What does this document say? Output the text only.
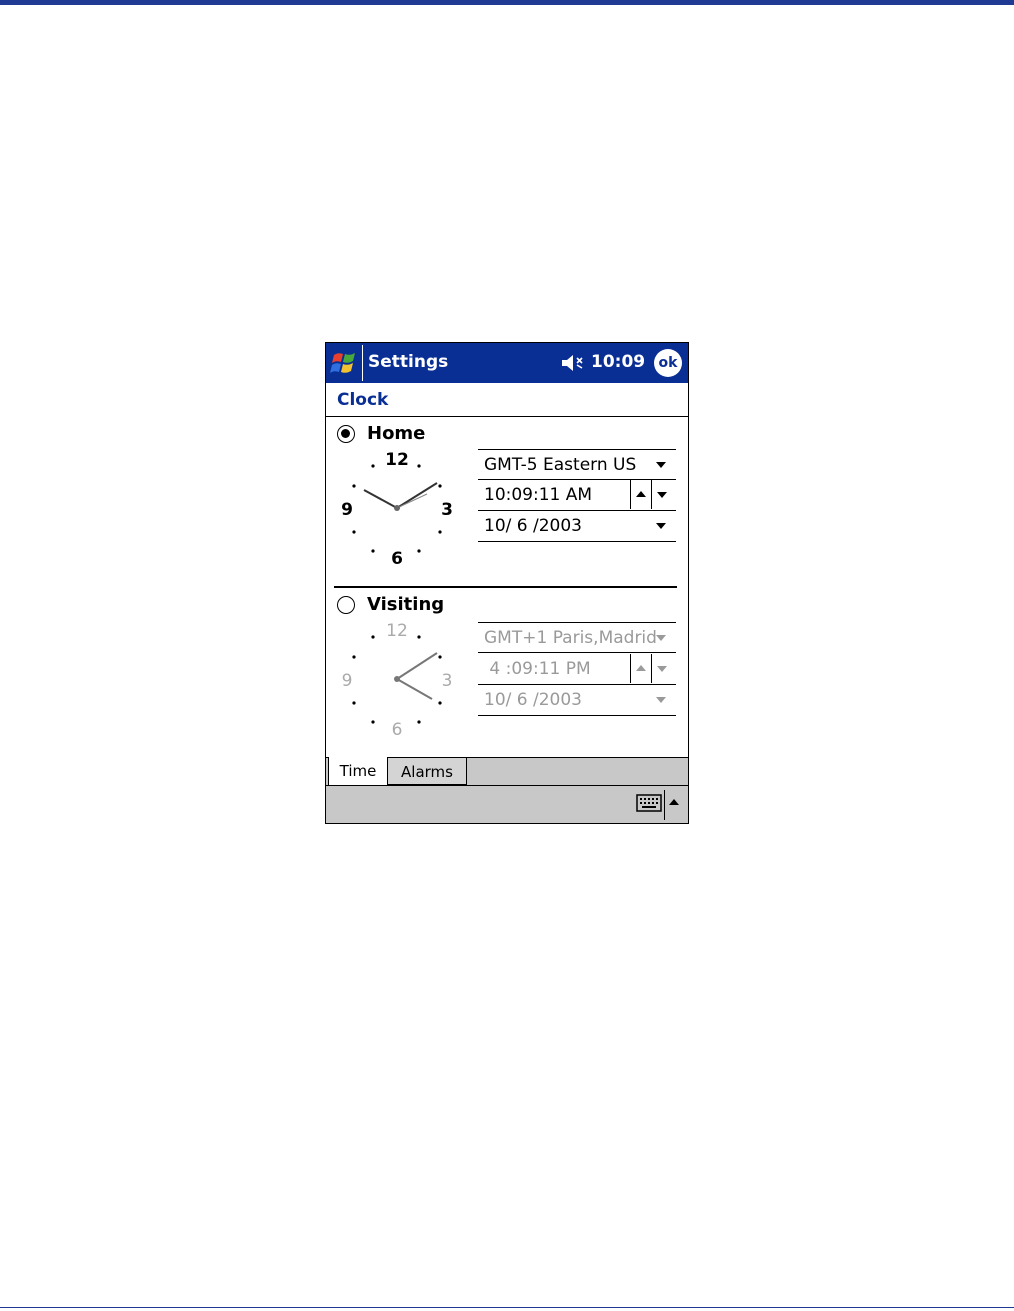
Settings	10:09 ok
Clock
Home
12
3
6
9
GMT-5 Eastern US
10:09:11 AM
10/ 6 /2003
Visiting
12
3
6
9
GMT+1 Paris,Madrid
4 :09:11 PM
10/ 6 /2003
Time	Alarms
